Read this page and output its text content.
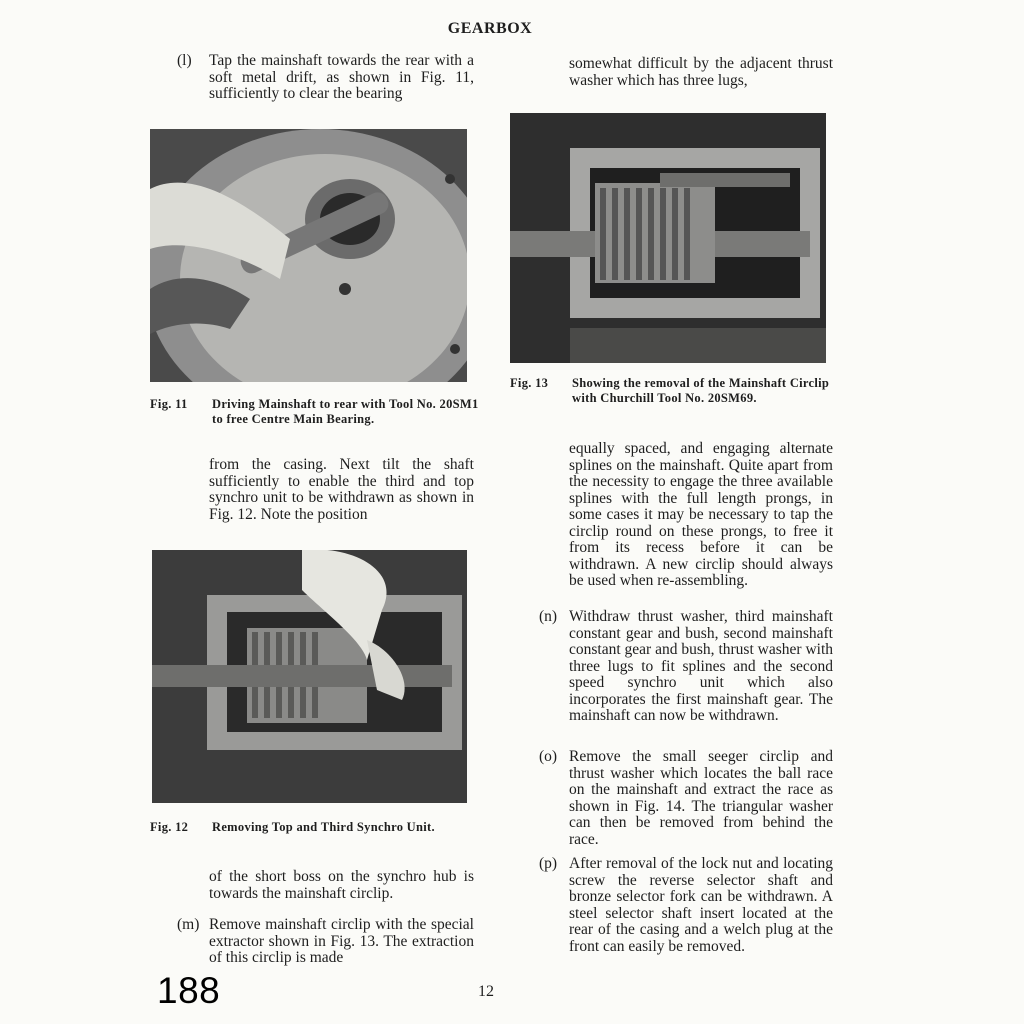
GEARBOX
(l) Tap the mainshaft towards the rear with a soft metal drift, as shown in Fig. 11, sufficiently to clear the bearing
Fig. 11 Driving Mainshaft to rear with Tool No. 20SM1 to free Centre Main Bearing.
from the casing. Next tilt the shaft sufficiently to enable the third and top synchro unit to be withdrawn as shown in Fig. 12. Note the position
Fig. 12 Removing Top and Third Synchro Unit.
of the short boss on the synchro hub is towards the mainshaft circlip.
(m) Remove mainshaft circlip with the special extractor shown in Fig. 13. The extraction of this circlip is made
somewhat difficult by the adjacent thrust washer which has three lugs,
Fig. 13 Showing the removal of the Mainshaft Circlip with Churchill Tool No. 20SM69.
equally spaced, and engaging alternate splines on the mainshaft. Quite apart from the necessity to engage the three available splines with the full length prongs, in some cases it may be necessary to tap the circlip round on these prongs, to free it from its recess before it can be withdrawn. A new circlip should always be used when re-assembling.
(n) Withdraw thrust washer, third mainshaft constant gear and bush, second mainshaft constant gear and bush, thrust washer with three lugs to fit splines and the second speed synchro unit which also incorporates the first mainshaft gear. The mainshaft can now be withdrawn.
(o) Remove the small seeger circlip and thrust washer which locates the ball race on the mainshaft and extract the race as shown in Fig. 14. The triangular washer can then be removed from behind the race.
(p) After removal of the lock nut and locating screw the reverse selector shaft and bronze selector fork can be withdrawn. A steel selector shaft insert located at the rear of the casing and a welch plug at the front can easily be removed.
188	12
